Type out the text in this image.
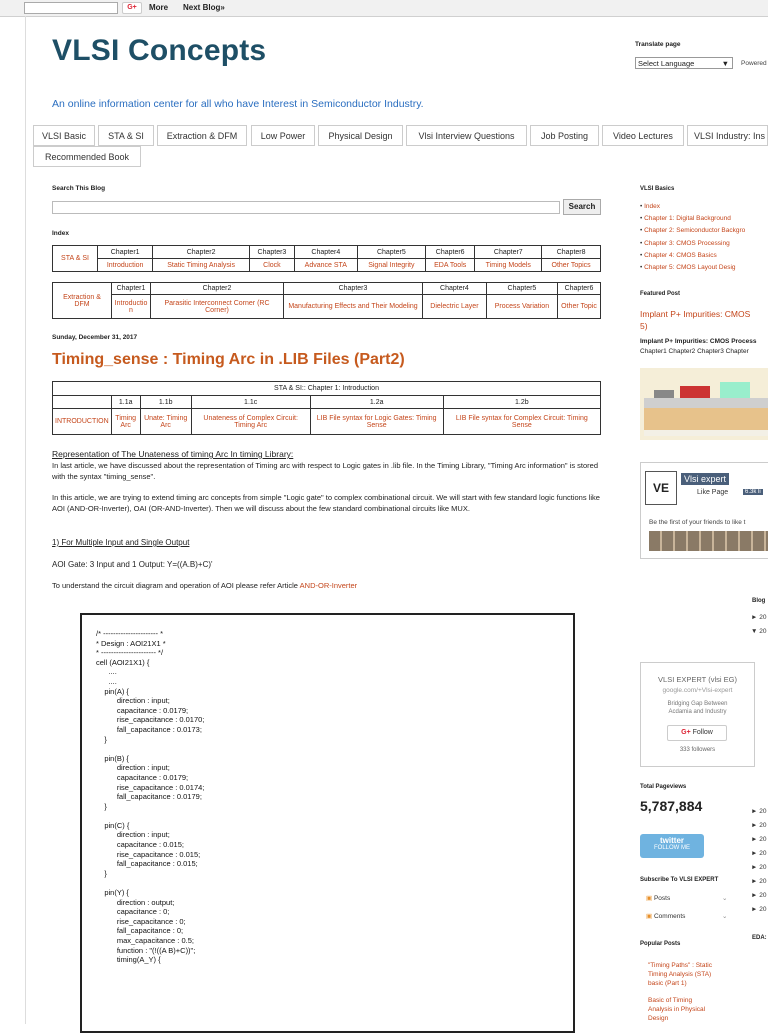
G+	More Next Blog»
VLSI Concepts
An online information center for all who have Interest in Semiconductor Industry.
Translate page
Select Language	▼ Powered
VLSI Basic	STA & SI	Extraction & DFM	Low Power	Physical Design	Vlsi Interview Questions	Job Posting	Video Lectures	VLSI Industry: Ins
Recommended Book
Search This Blog
Search
Index
STA & SI	Chapter1	Chapter2	Chapter3	Chapter4	Chapter5	Chapter6	Chapter7	Chapter8
	Introduction	Static Timing Analysis	Clock	Advance STA	Signal Integrity	EDA Tools	Timing Models	Other Topics
Extraction & DFM	Chapter1	Chapter2	Chapter3	Chapter4	Chapter5	Chapter6
	Introductio n	Parasitic Interconnect Corner (RC Corner)	Manufacturing Effects and Their Modeling	Dielectric Layer	Process Variation	Other Topic
Sunday, December 31, 2017
Timing_sense : Timing Arc in .LIB Files (Part2)
STA & SI:: Chapter 1: Introduction					
	1.1a	1.1b	1.1c	1.2a	1.2b
INTRODUCTION	Timing Arc	Unate: Timing Arc	Unateness of Complex Circuit: Timing Arc	LIB File syntax for Logic Gates: Timing Sense	LIB File syntax for Complex Circuit: Timing Sense
Representation of The Unateness of timing Arc In timing Library:
In last article, we have discussed about the representation of Timing arc with respect to Logic gates in .lib file. In the Timing Library, "Timing Arc information" is stored with the syntax "timing_sense".
In this article, we are trying to extend timing arc concepts from simple "Logic gate" to complex combinational circuit. We will start with few standard logic functions like AOI (AND-OR-Inverter), OAI (OR-AND-Inverter). Then we will discuss about the few standard combinational circuits like MUX.
1) For Multiple Input and Single Output
AOI Gate: 3 Input and 1 Output: Y=((A.B)+C)'
To understand the circuit diagram and operation of AOI please refer Article AND-OR-Inverter
/* ---------------------- *
* Design : AOI21X1 *
* ---------------------- */
cell (AOI21X1) {
....
....
pin(A) {
direction : input;
capacitance : 0.0179;
rise_capacitance : 0.0170;
fall_capacitance : 0.0173;
}

pin(B) {
direction : input;
capacitance : 0.0179;
rise_capacitance : 0.0174;
fall_capacitance : 0.0179;
}

pin(C) {
direction : input;
capacitance : 0.015;
rise_capacitance : 0.015;
fall_capacitance : 0.015;
}

pin(Y) {
direction : output;
capacitance : 0;
rise_capacitance : 0;
fall_capacitance : 0;
max_capacitance : 0.5;
function : "(!((A B)+C))";
timing(A_Y) {
VLSI Basics
• Index
• Chapter 1: Digital Background
• Chapter 2: Semiconductor Backgro
• Chapter 3: CMOS Processing
• Chapter 4: CMOS Basics
• Chapter 5: CMOS Layout Desig
Featured Post
Implant P+ Impurities: CMOS
5)
Implant P+ Impurities: CMOS Process
Chapter1 Chapter2 Chapter3 Chapter
VE
Vlsi expert
Like Page	6.3k li
Be the first of your friends to like t
VLSI EXPERT (vlsi EG)
google.com/+Vlsi-expert
Bridging Gap Between
Acdamia and Industry
G+ Follow
333 followers
Total Pageviews
5,787,884
twitter
FOLLOW ME
Subscribe To VLSI EXPERT
▣ Posts	⌄
▣ Comments	⌄
Popular Posts
"Timing Paths" : Static
Timing Analysis (STA)
basic (Part 1)
Basic of Timing
Analysis in Physical
Design
Blog
► 20
▼ 20
► 20
► 20
► 20
► 20
► 20
► 20
► 20
► 20
EDA:
